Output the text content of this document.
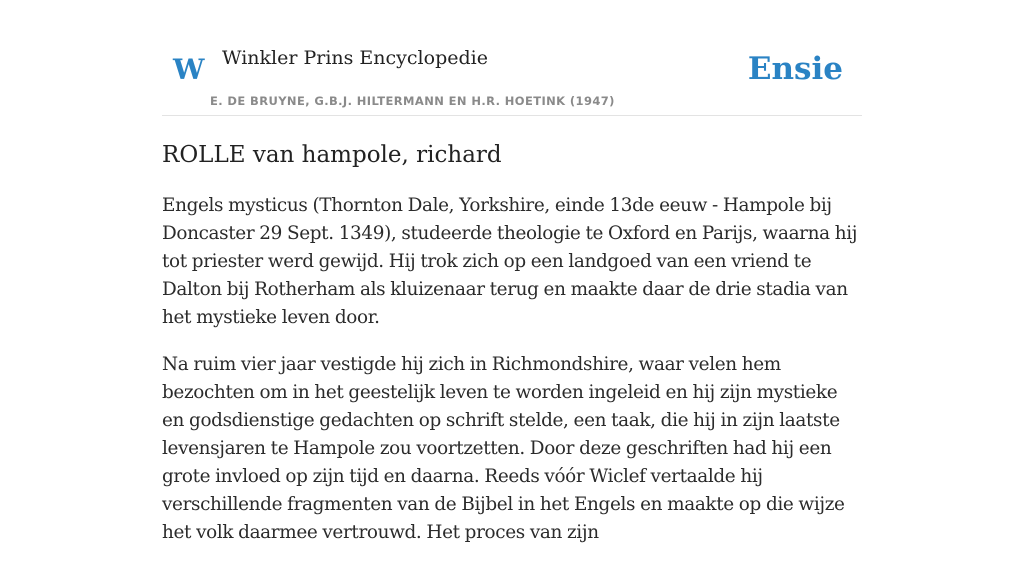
W Winkler Prins Encyclopedie
E. DE BRUYNE, G.B.J. HILTERMANN EN H.R. HOETINK (1947)
Ensie
ROLLE van hampole, richard

Engels mysticus (Thornton Dale, Yorkshire, einde 13de eeuw - Hampole bij Doncaster 29 Sept. 1349), studeerde theologie te Oxford en Parijs, waarna hij tot priester werd gewijd. Hij trok zich op een landgoed van een vriend te Dalton bij Rotherham als kluizenaar terug en maakte daar de drie stadia van het mystieke leven door.

Na ruim vier jaar vestigde hij zich in Richmondshire, waar velen hem bezochten om in het geestelijk leven te worden ingeleid en hij zijn mystieke en godsdienstige gedachten op schrift stelde, een taak, die hij in zijn laatste levensjaren te Hampole zou voortzetten. Door deze geschriften had hij een grote invloed op zijn tijd en daarna. Reeds vóór Wiclef vertaalde hij verschillende fragmenten van de Bijbel in het Engels en maakte op die wijze het volk daarmee vertrouwd. Het proces van zijn
